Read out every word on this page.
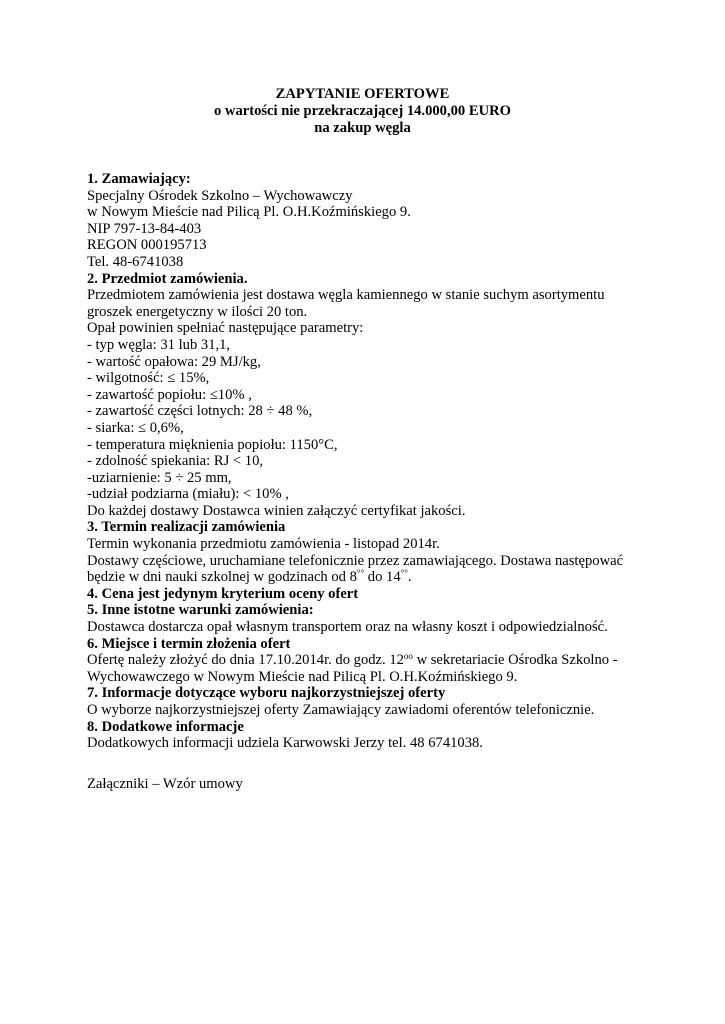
ZAPYTANIE OFERTOWE
o wartości nie przekraczającej 14.000,00 EURO
na zakup węgla
1. Zamawiający:
Specjalny Ośrodek Szkolno – Wychowawczy
w Nowym Mieście nad Pilicą Pl. O.H.Koźmińskiego 9.
NIP 797-13-84-403
REGON 000195713
Tel. 48-6741038
2. Przedmiot zamówienia.
Przedmiotem zamówienia jest dostawa węgla kamiennego w stanie suchym asortymentu
groszek energetyczny w ilości 20 ton.
Opał powinien spełniać następujące parametry:
- typ węgla: 31 lub 31,1,
- wartość opałowa: 29 MJ/kg,
- wilgotność: ≤ 15%,
- zawartość popiołu: ≤10% ,
- zawartość części lotnych: 28 ÷ 48 %,
- siarka: ≤ 0,6%,
- temperatura mięknienia popiołu: 1150°C,
- zdolność spiekania: RJ < 10,
-uziarnienie: 5 ÷ 25 mm,
-udział podziarna (miału): < 10% ,
Do każdej dostawy Dostawca winien załączyć certyfikat jakości.
3. Termin realizacji zamówienia
Termin wykonania przedmiotu zamówienia - listopad 2014r.
Dostawy częściowe, uruchamiane telefonicznie przez zamawiającego. Dostawa następować
będzie w dni nauki szkolnej w godzinach od 8°° do 14°°.
4. Cena jest jedynym kryterium oceny ofert
5. Inne istotne warunki zamówienia:
Dostawca dostarcza opał własnym transportem oraz na własny koszt i odpowiedzialność.
6. Miejsce i termin złożenia ofert
Ofertę należy złożyć do dnia 17.10.2014r. do godz. $12^{oo}$ w sekretariacie Ośrodka Szkolno -
Wychowawczego w Nowym Mieście nad Pilicą Pl. O.H.Koźmińskiego 9.
7. Informacje dotyczące wyboru najkorzystniejszej oferty
O wyborze najkorzystniejszej oferty Zamawiający zawiadomi oferentów telefonicznie.
8. Dodatkowe informacje
Dodatkowych informacji udziela Karwowski Jerzy tel. 48 6741038.
Załączniki – Wzór umowy
